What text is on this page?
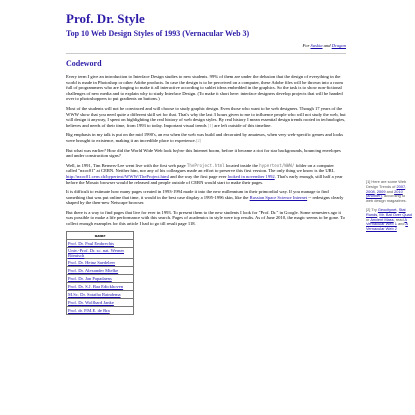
Prof. Dr. Style
Top 10 Web Design Styles of 1993 (Vernacular Web 3)
For Saskia and Dragan
Codeword

Every term I give an introduction to Interface Design studies to new students. 99% of them are under the delusion that the design of everything in the world is made in Photoshop or other Adobe products. In case the design is to be perceived on a computer, these Adobe files will be thrown into a room full of programmers who are longing to make it all interactive according to sublet ideas embedded in the graphics. So the task is to show non-fictional challenges of new media and to explain why to study Interface Design. (To make it short here: interface designers develop projects that will be handed over to photoshoppers to put gradients on buttons.)

Most of the students will not be convinced and will choose to study graphic design. Even those who want to be web designers. Though 17 years of the WWW show that you need quite a different skill set for that. That's why the last 3 hours given to me to influence people who will not study the web, but will design it anyway, I spent on highlighting the real history of web design styles. By real history I mean essential design trends rooted in technologies, believes and needs of their time, from 1993 to today. Important visual trends [1] are left outside of this timeline.

Big emphasis in my talk is put on the mid 1990's, an era when the web was build and decorated by amateurs, when very web-specific genres and looks were brought to existence, making it an incredible place to experience.[2]

But what was earlier? How did the World Wide Web look before this Internet boom, before it became a riot for star backgrounds, bouncing envelopes and under construction signs?

Well, in 1991, Tim Berners-Lee went live with the first web page TheProject.html located inside the hypertext/WWW/ folder on a computer called "nxoc01" at CERN. Neither him, nor any of his colleagues made an effort to preserve this first version. The only thing we know is the URL http://nxoc01.cern.ch/hypertext/WWW/TheProject.html and the way the first page ever looked in november 1992. That's early enough, still half a year before the Mosaic browser would be released and people outside of CERN would start to make their pages.

It is difficult to estimate how many pages created in 1993-1994 made it into the new millennium in their primordial way. If you manage to find something that was put online that time, it would in the best case display a 1995-1996 skin, like the Russian Space Science Internet -- redesigns clearly shaped by the then-new Netscape browser.

But there is a way to find pages that live for ever in 1993. To present them to the new students I look for "Prof. Dr." in Google. Some semesters ago it was possible to make a life performance with this search. Pages of academics in style were top results. As of June 2010, the magic seems to be gone. To collect enough examples for this article I had to go till result page 118.

name
Prof. Dr. Paul Embrechts
Univ.-Prof. Dr. sc. nat. Werner Römisch
Prof. Dr. Heinz Saedeleer
Prof. Dr. Alexander Mielke
Prof. Dr. Jan Papadaens
Prof. Dr. S.J. Baa Edickhoven
M.Sc. Dr. Sotatha Raindema
Prof. Dr. Wolfhard Janke
Prof. dr. P.M.E. de Bra
[1] Here are some Web Design Trends of 2007, 2008, 2009 and 2010 (another), according to web design magazines.
[2] Try Geocitynet, Stat Runds, Mr. Bat Over Quad or Ancient Mass, read A Vernacular Web 1 and A Vernacular Web 2
